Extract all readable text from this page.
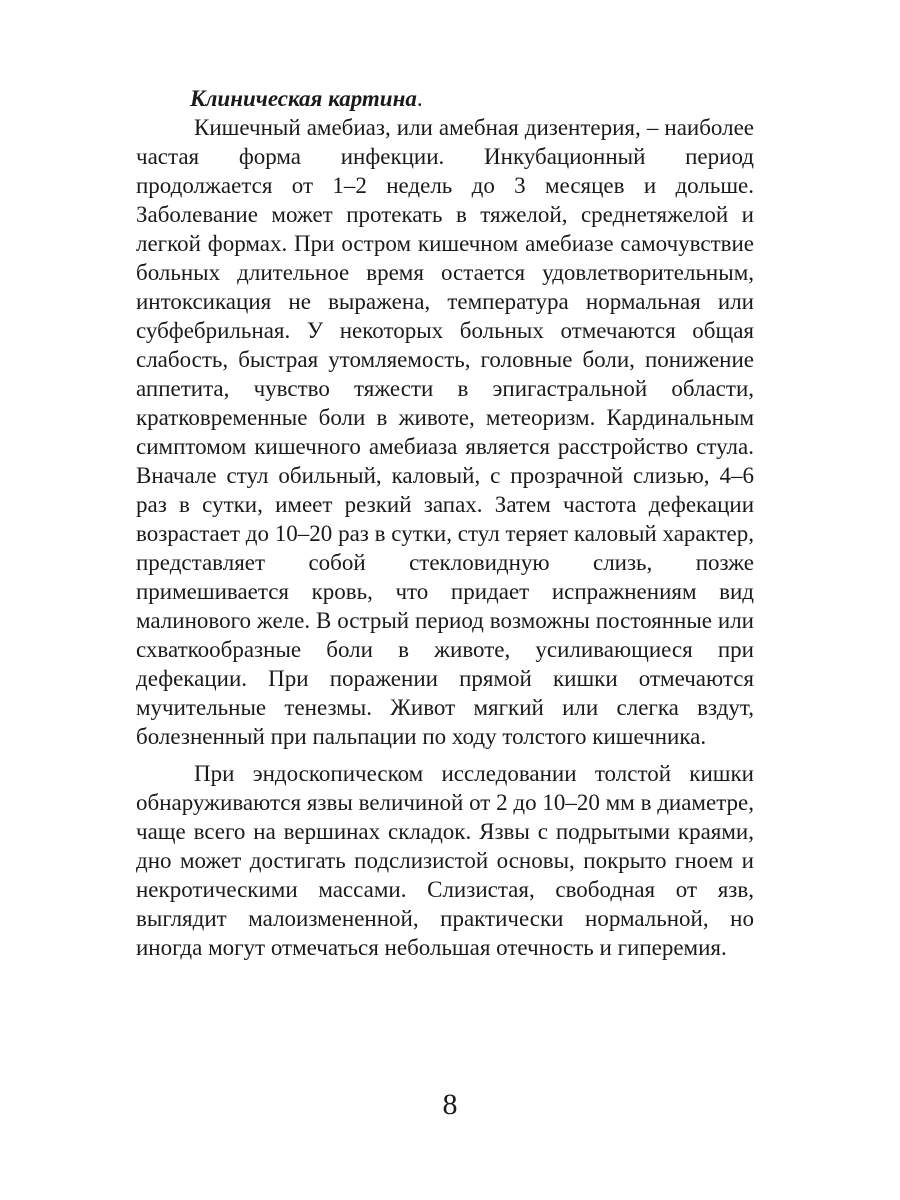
Клиническая картина.

Кишечный амебиаз, или амебная дизентерия, – наиболее частая форма инфекции. Инкубационный период продолжается от 1–2 недель до 3 месяцев и дольше. Заболевание может протекать в тяжелой, среднетяжелой и легкой формах. При остром кишечном амебиазе самочувствие больных длительное время остается удовлетворительным, интоксикация не выражена, температура нормальная или субфебрильная. У некоторых больных отмечаются общая слабость, быстрая утомляемость, головные боли, понижение аппетита, чувство тяжести в эпигастральной области, кратковременные боли в животе, метеоризм. Кардинальным симптомом кишечного амебиаза является расстройство стула. Вначале стул обильный, каловый, с прозрачной слизью, 4–6 раз в сутки, имеет резкий запах. Затем частота дефекации возрастает до 10–20 раз в сутки, стул теряет каловый характер, представляет собой стекловидную слизь, позже примешивается кровь, что придает испражнениям вид малинового желе. В острый период возможны постоянные или схваткообразные боли в животе, усиливающиеся при дефекации. При поражении прямой кишки отмечаются мучительные тенезмы. Живот мягкий или слегка вздут, болезненный при пальпации по ходу толстого кишечника.

При эндоскопическом исследовании толстой кишки обнаруживаются язвы величиной от 2 до 10–20 мм в диаметре, чаще всего на вершинах складок. Язвы с подрытыми краями, дно может достигать подслизистой основы, покрыто гноем и некротическими массами. Слизистая, свободная от язв, выглядит малоизмененной, практически нормальной, но иногда могут отмечаться небольшая отечность и гиперемия.

8
